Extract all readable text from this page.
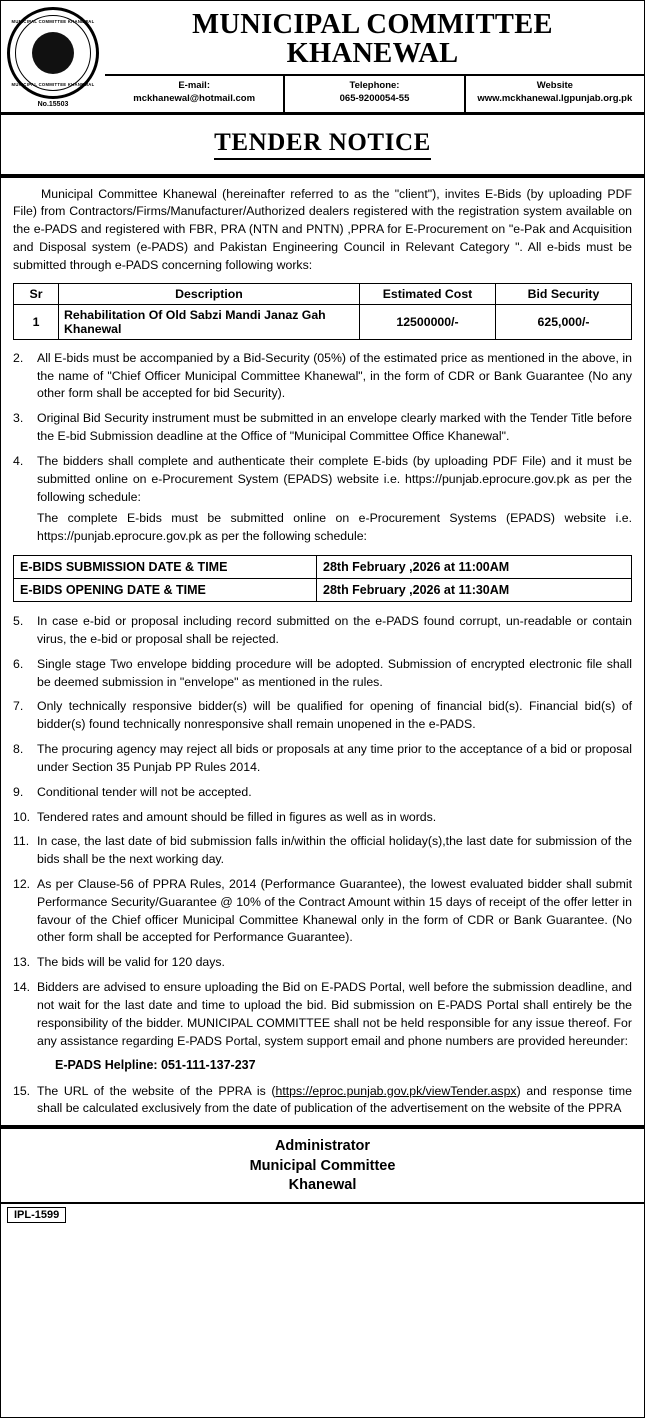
MUNICIPAL COMMITTEE KHANEWAL
MUNICIPAL COMMITTEE KHANEWAL
No.15503
MUNICIPAL COMMITTEE KHANEWAL
E-mail:
mckhanewal@hotmail.com
Telephone:
065-9200054-55
Website
www.mckhanewal.lgpunjab.org.pk
TENDER NOTICE

Municipal Committee Khanewal (hereinafter referred to as the "client"), invites E-Bids (by uploading PDF File) from Contractors/Firms/Manufacturer/Authorized dealers registered with the registration system available on the e-PADS and registered with FBR, PRA (NTN and PNTN) ,PPRA for E-Procurement on "e-Pak and Acquisition and Disposal system (e-PADS) and Pakistan Engineering Council in Relevant Category ". All e-bids must be submitted through e-PADS concerning following works:

Sr	Description	Estimated Cost	Bid Security
1	Rehabilitation Of Old Sabzi Mandi Janaz Gah Khanewal	12500000/-	625,000/-
2.	All E-bids must be accompanied by a Bid-Security (05%) of the estimated price as mentioned in the above, in the name of "Chief Officer Municipal Committee Khanewal", in the form of CDR or Bank Guarantee (No any other form shall be accepted for bid Security).
3.	Original Bid Security instrument must be submitted in an envelope clearly marked with the Tender Title before the E-bid Submission deadline at the Office of "Municipal Committee Office Khanewal".
4.	The bidders shall complete and authenticate their complete E-bids (by uploading PDF File) and it must be submitted online on e-Procurement System (EPADS) website i.e. https://punjab.eprocure.gov.pk as per the following schedule:
The complete E-bids must be submitted online on e-Procurement Systems (EPADS) website i.e. https://punjab.eprocure.gov.pk as per the following schedule:
E-BIDS SUBMISSION DATE & TIME	28th February ,2026 at 11:00AM
E-BIDS OPENING DATE & TIME	28th February ,2026 at 11:30AM
5.	In case e-bid or proposal including record submitted on the e-PADS found corrupt, un-readable or contain virus, the e-bid or proposal shall be rejected.
6.	Single stage Two envelope bidding procedure will be adopted. Submission of encrypted electronic file shall be deemed submission in "envelope" as mentioned in the rules.
7.	Only technically responsive bidder(s) will be qualified for opening of financial bid(s). Financial bid(s) of bidder(s) found technically nonresponsive shall remain unopened in the e-PADS.
8.	The procuring agency may reject all bids or proposals at any time prior to the acceptance of a bid or proposal under Section 35 Punjab PP Rules 2014.
9.	Conditional tender will not be accepted.
10. Tendered rates and amount should be filled in figures as well as in words.
11. In case, the last date of bid submission falls in/within the official holiday(s),the last date for submission of the bids shall be the next working day.
12. As per Clause-56 of PPRA Rules, 2014 (Performance Guarantee), the lowest evaluated bidder shall submit Performance Security/Guarantee @ 10% of the Contract Amount within 15 days of receipt of the offer letter in favour of the Chief officer Municipal Committee Khanewal only in the form of CDR or Bank Guarantee. (No other form shall be accepted for Performance Guarantee).
13. The bids will be valid for 120 days.
14. Bidders are advised to ensure uploading the Bid on E-PADS Portal, well before the submission deadline, and not wait for the last date and time to upload the bid. Bid submission on E-PADS Portal shall entirely be the responsibility of the bidder. MUNICIPAL COMMITTEE shall not be held responsible for any issue thereof. For any assistance regarding E-PADS Portal, system support email and phone numbers are provided hereunder:
E-PADS Helpline: 051-111-137-237
15. The URL of the website of the PPRA is (https://eproc.punjab.gov.pk/viewTender.aspx) and response time shall be calculated exclusively from the date of publication of the advertisement on the website of the PPRA
Administrator
Municipal Committee
Khanewal
IPL-1599
